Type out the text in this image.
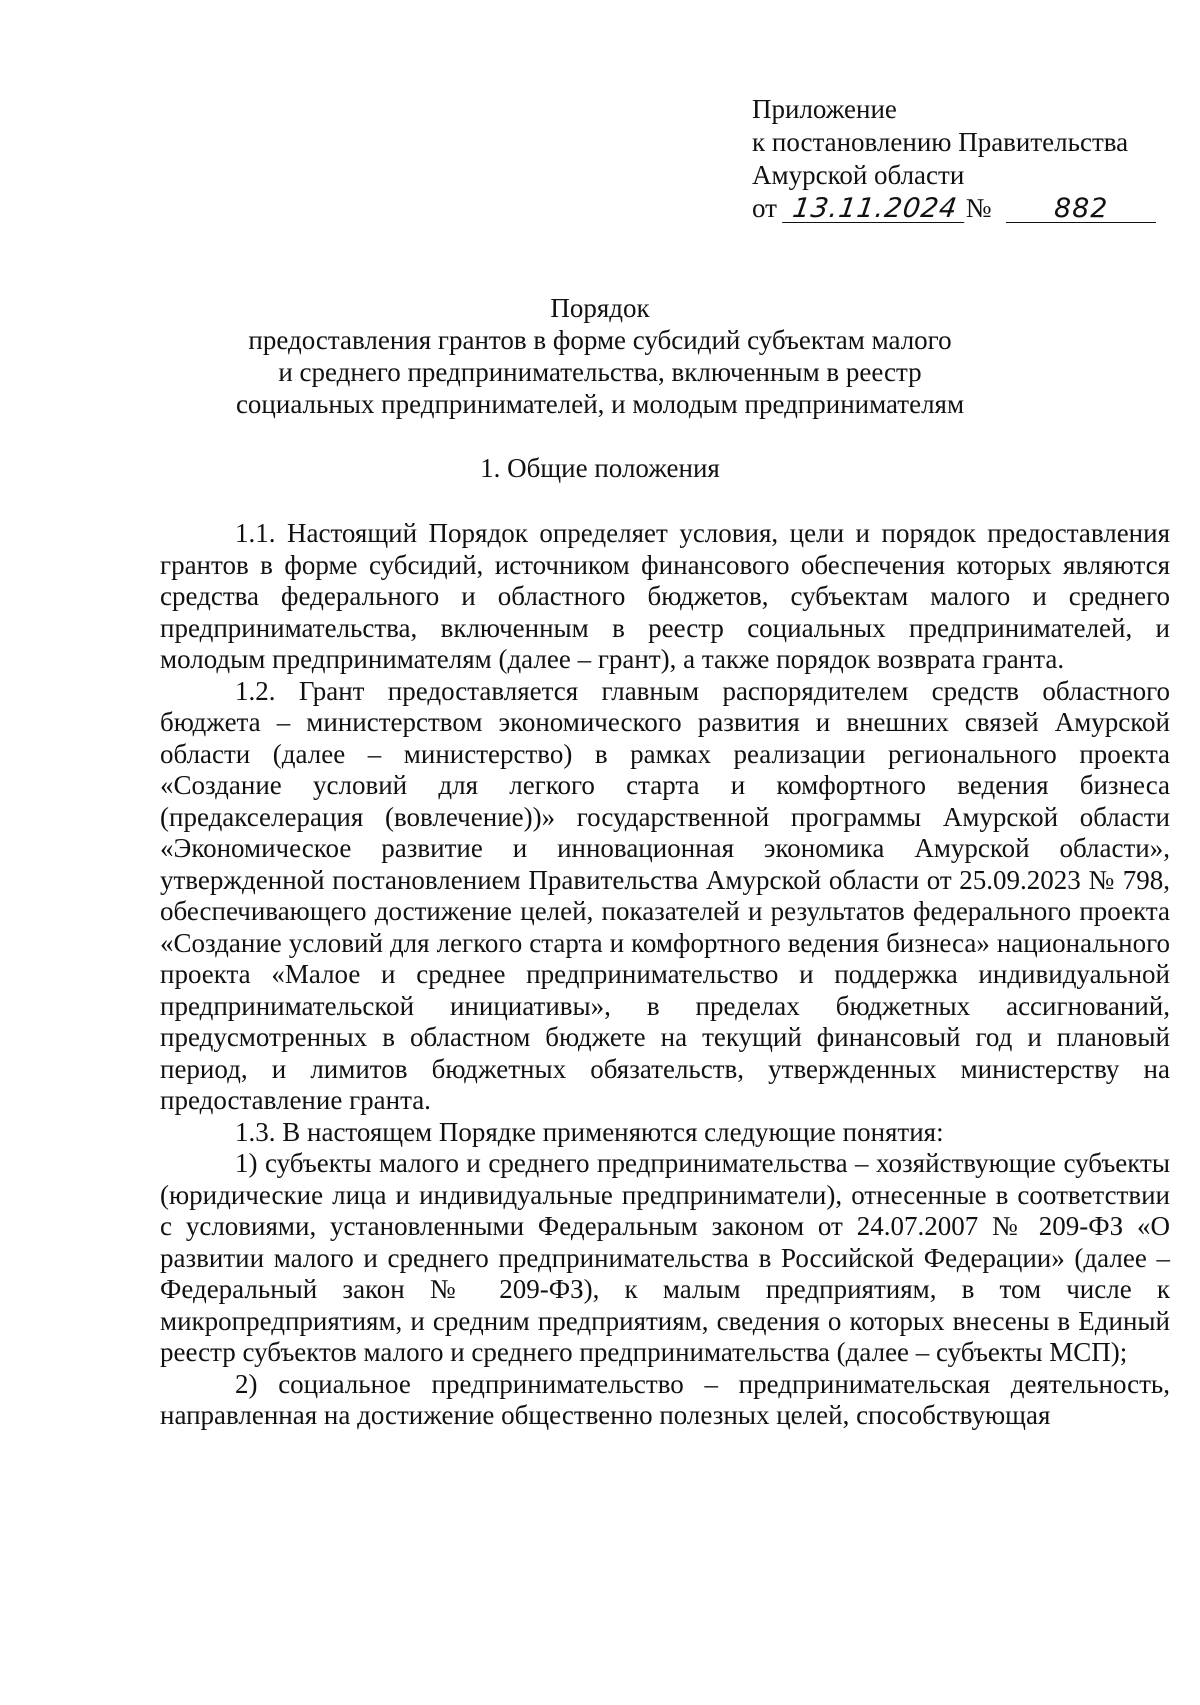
Приложение
к постановлению Правительства
Амурской области
от 13.11.2024 № 882
Порядок
предоставления грантов в форме субсидий субъектам малого
и среднего предпринимательства, включенным в реестр
социальных предпринимателей, и молодым предпринимателям
1. Общие положения

1.1. Настоящий Порядок определяет условия, цели и порядок предоставления грантов в форме субсидий, источником финансового обеспечения которых являются средства федерального и областного бюджетов, субъектам малого и среднего предпринимательства, включенным в реестр социальных предпринимателей, и молодым предпринимателям (далее – грант), а также порядок возврата гранта.

1.2. Грант предоставляется главным распорядителем средств областного бюджета – министерством экономического развития и внешних связей Амурской области (далее – министерство) в рамках реализации регионального проекта «Создание условий для легкого старта и комфортного ведения бизнеса (предакселерация (вовлечение))» государственной программы Амурской области «Экономическое развитие и инновационная экономика Амурской области», утвержденной постановлением Правительства Амурской области от 25.09.2023 № 798, обеспечивающего достижение целей, показателей и результатов федерального проекта «Создание условий для легкого старта и комфортного ведения бизнеса» национального проекта «Малое и среднее предпринимательство и поддержка индивидуальной предпринимательской инициативы», в пределах бюджетных ассигнований, предусмотренных в областном бюджете на текущий финансовый год и плановый период, и лимитов бюджетных обязательств, утвержденных министерству на предоставление гранта.

1.3. В настоящем Порядке применяются следующие понятия:

1) субъекты малого и среднего предпринимательства – хозяйствующие субъекты (юридические лица и индивидуальные предприниматели), отнесенные в соответствии с условиями, установленными Федеральным законом от 24.07.2007 № 209-ФЗ «О развитии малого и среднего предпринимательства в Российской Федерации» (далее – Федеральный закон № 209-ФЗ), к малым предприятиям, в том числе к микропредприятиям, и средним предприятиям, сведения о которых внесены в Единый реестр субъектов малого и среднего предпринимательства (далее – субъекты МСП);

2) социальное предпринимательство – предпринимательская деятельность, направленная на достижение общественно полезных целей, способствующая
